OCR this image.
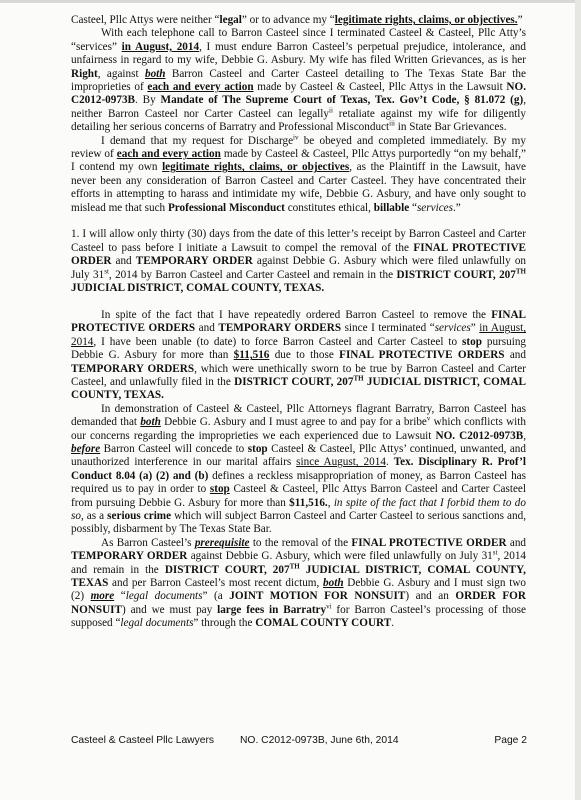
Casteel, Pllc Attys were neither “legal” or to advance my “legitimate rights, claims, or objectives.”

With each telephone call to Barron Casteel since I terminated Casteel & Casteel, Pllc Atty’s “services” in August, 2014, I must endure Barron Casteel’s perpetual prejudice, intolerance, and unfairness in regard to my wife, Debbie G. Asbury. My wife has filed Written Grievances, as is her Right, against both Barron Casteel and Carter Casteel detailing to The Texas State Bar the improprieties of each and every action made by Casteel & Casteel, Pllc Attys in the Lawsuit NO. C2012-0973B. By Mandate of The Supreme Court of Texas, Tex. Gov’t Code, § 81.072 (g), neither Barron Casteel nor Carter Casteel can legally$^{ii}$ retaliate against my wife for diligently detailing her serious concerns of Barratry and Professional Misconduct$^{iii}$ in State Bar Grievances.

I demand that my request for Discharge$^{iv}$ be obeyed and completed immediately. By my review of each and every action made by Casteel & Casteel, Pllc Attys purportedly “on my behalf,” I contend my own legitimate rights, claims, or objectives, as the Plaintiff in the Lawsuit, have never been any consideration of Barron Casteel and Carter Casteel. They have concentrated their efforts in attempting to harass and intimidate my wife, Debbie G. Asbury, and have only sought to mislead me that such Professional Misconduct constitutes ethical, billable “services.”

1. I will allow only thirty (30) days from the date of this letter’s receipt by Barron Casteel and Carter Casteel to pass before I initiate a Lawsuit to compel the removal of the FINAL PROTECTIVE ORDER and TEMPORARY ORDER against Debbie G. Asbury which were filed unlawfully on July 31st, 2014 by Barron Casteel and Carter Casteel and remain in the DISTRICT COURT, 207TH JUDICIAL DISTRICT, COMAL COUNTY, TEXAS.

In spite of the fact that I have repeatedly ordered Barron Casteel to remove the FINAL PROTECTIVE ORDERS and TEMPORARY ORDERS since I terminated “services” in August, 2014, I have been unable (to date) to force Barron Casteel and Carter Casteel to stop pursuing Debbie G. Asbury for more than $11,516 due to those FINAL PROTECTIVE ORDERS and TEMPORARY ORDERS, which were unethically sworn to be true by Barron Casteel and Carter Casteel, and unlawfully filed in the DISTRICT COURT, 207TH JUDICIAL DISTRICT, COMAL COUNTY, TEXAS.

In demonstration of Casteel & Casteel, Pllc Attorneys flagrant Barratry, Barron Casteel has demanded that both Debbie G. Asbury and I must agree to and pay for a bribe$^v$ which conflicts with our concerns regarding the improprieties we each experienced due to Lawsuit NO. C2012-0973B, before Barron Casteel will concede to stop Casteel & Casteel, Pllc Attys’ continued, unwanted, and unauthorized interference in our marital affairs since August, 2014. Tex. Disciplinary R. Prof’l Conduct 8.04 (a) (2) and (b) defines a reckless misappropriation of money, as Barron Casteel has required us to pay in order to stop Casteel & Casteel, Pllc Attys Barron Casteel and Carter Casteel from pursuing Debbie G. Asbury for more than $11,516., in spite of the fact that I forbid them to do so, as a serious crime which will subject Barron Casteel and Carter Casteel to serious sanctions and, possibly, disbarment by The Texas State Bar.

As Barron Casteel’s prerequisite to the removal of the FINAL PROTECTIVE ORDER and TEMPORARY ORDER against Debbie G. Asbury, which were filed unlawfully on July 31st, 2014 and remain in the DISTRICT COURT, 207TH JUDICIAL DISTRICT, COMAL COUNTY, TEXAS and per Barron Casteel’s most recent dictum, both Debbie G. Asbury and I must sign two (2) more “legal documents” (a JOINT MOTION FOR NONSUIT) and an ORDER FOR NONSUIT) and we must pay large fees in Barratry$^{vi}$ for Barron Casteel’s processing of those supposed “legal documents” through the COMAL COUNTY COURT.

Casteel & Casteel Pllc Lawyers	NO. C2012-0973B, June 6th, 2014	Page 2
